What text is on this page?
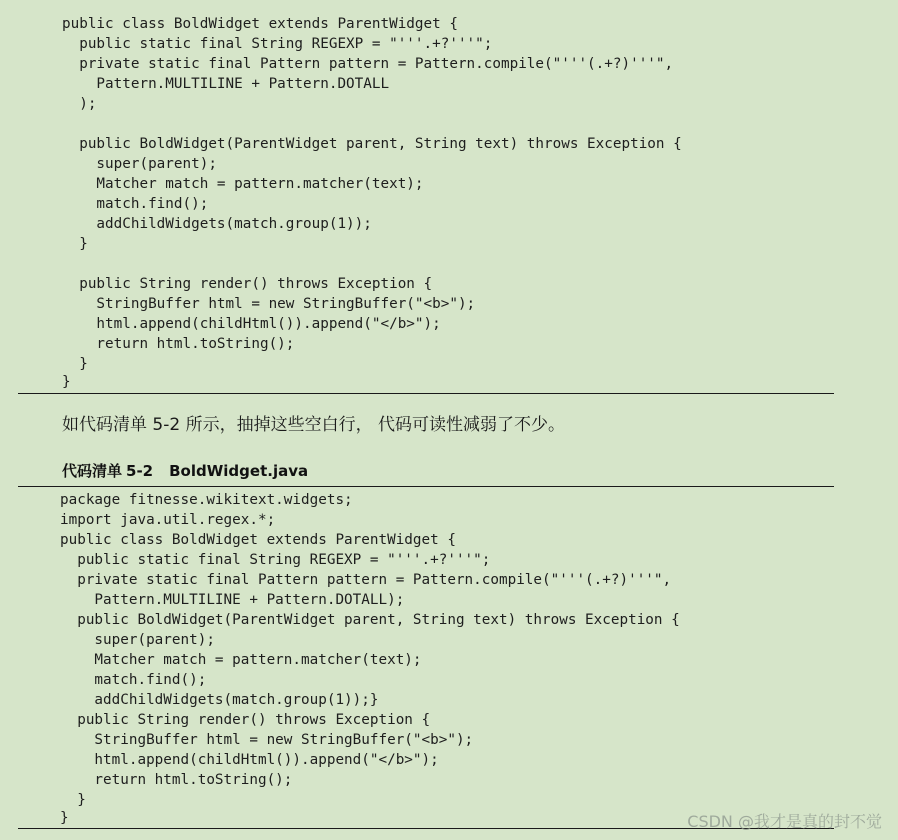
public class BoldWidget extends ParentWidget {
public static final String REGEXP = "'''.+?'''";
private static final Pattern pattern = Pattern.compile("'''(.+?)'''",
Pattern.MULTILINE + Pattern.DOTALL
);
public BoldWidget(ParentWidget parent, String text) throws Exception {
super(parent);
Matcher match = pattern.matcher(text);
match.find();
addChildWidgets(match.group(1));
}
public String render() throws Exception {
StringBuffer html = new StringBuffer("<b>");
html.append(childHtml()).append("</b>");
return html.toString();
}
}
如代码清单 5-2 所示，抽掉这些空白行， 代码可读性减弱了不少。
代码清单 5-2 BoldWidget.java
package fitnesse.wikitext.widgets;
import java.util.regex.*;
public class BoldWidget extends ParentWidget {
public static final String REGEXP = "'''.+?'''";
private static final Pattern pattern = Pattern.compile("'''(.+?)'''",
Pattern.MULTILINE + Pattern.DOTALL);
public BoldWidget(ParentWidget parent, String text) throws Exception {
super(parent);
Matcher match = pattern.matcher(text);
match.find();
addChildWidgets(match.group(1));}
public String render() throws Exception {
StringBuffer html = new StringBuffer("<b>");
html.append(childHtml()).append("</b>");
return html.toString();
}
}	CSDN @我才是真的封不觉
